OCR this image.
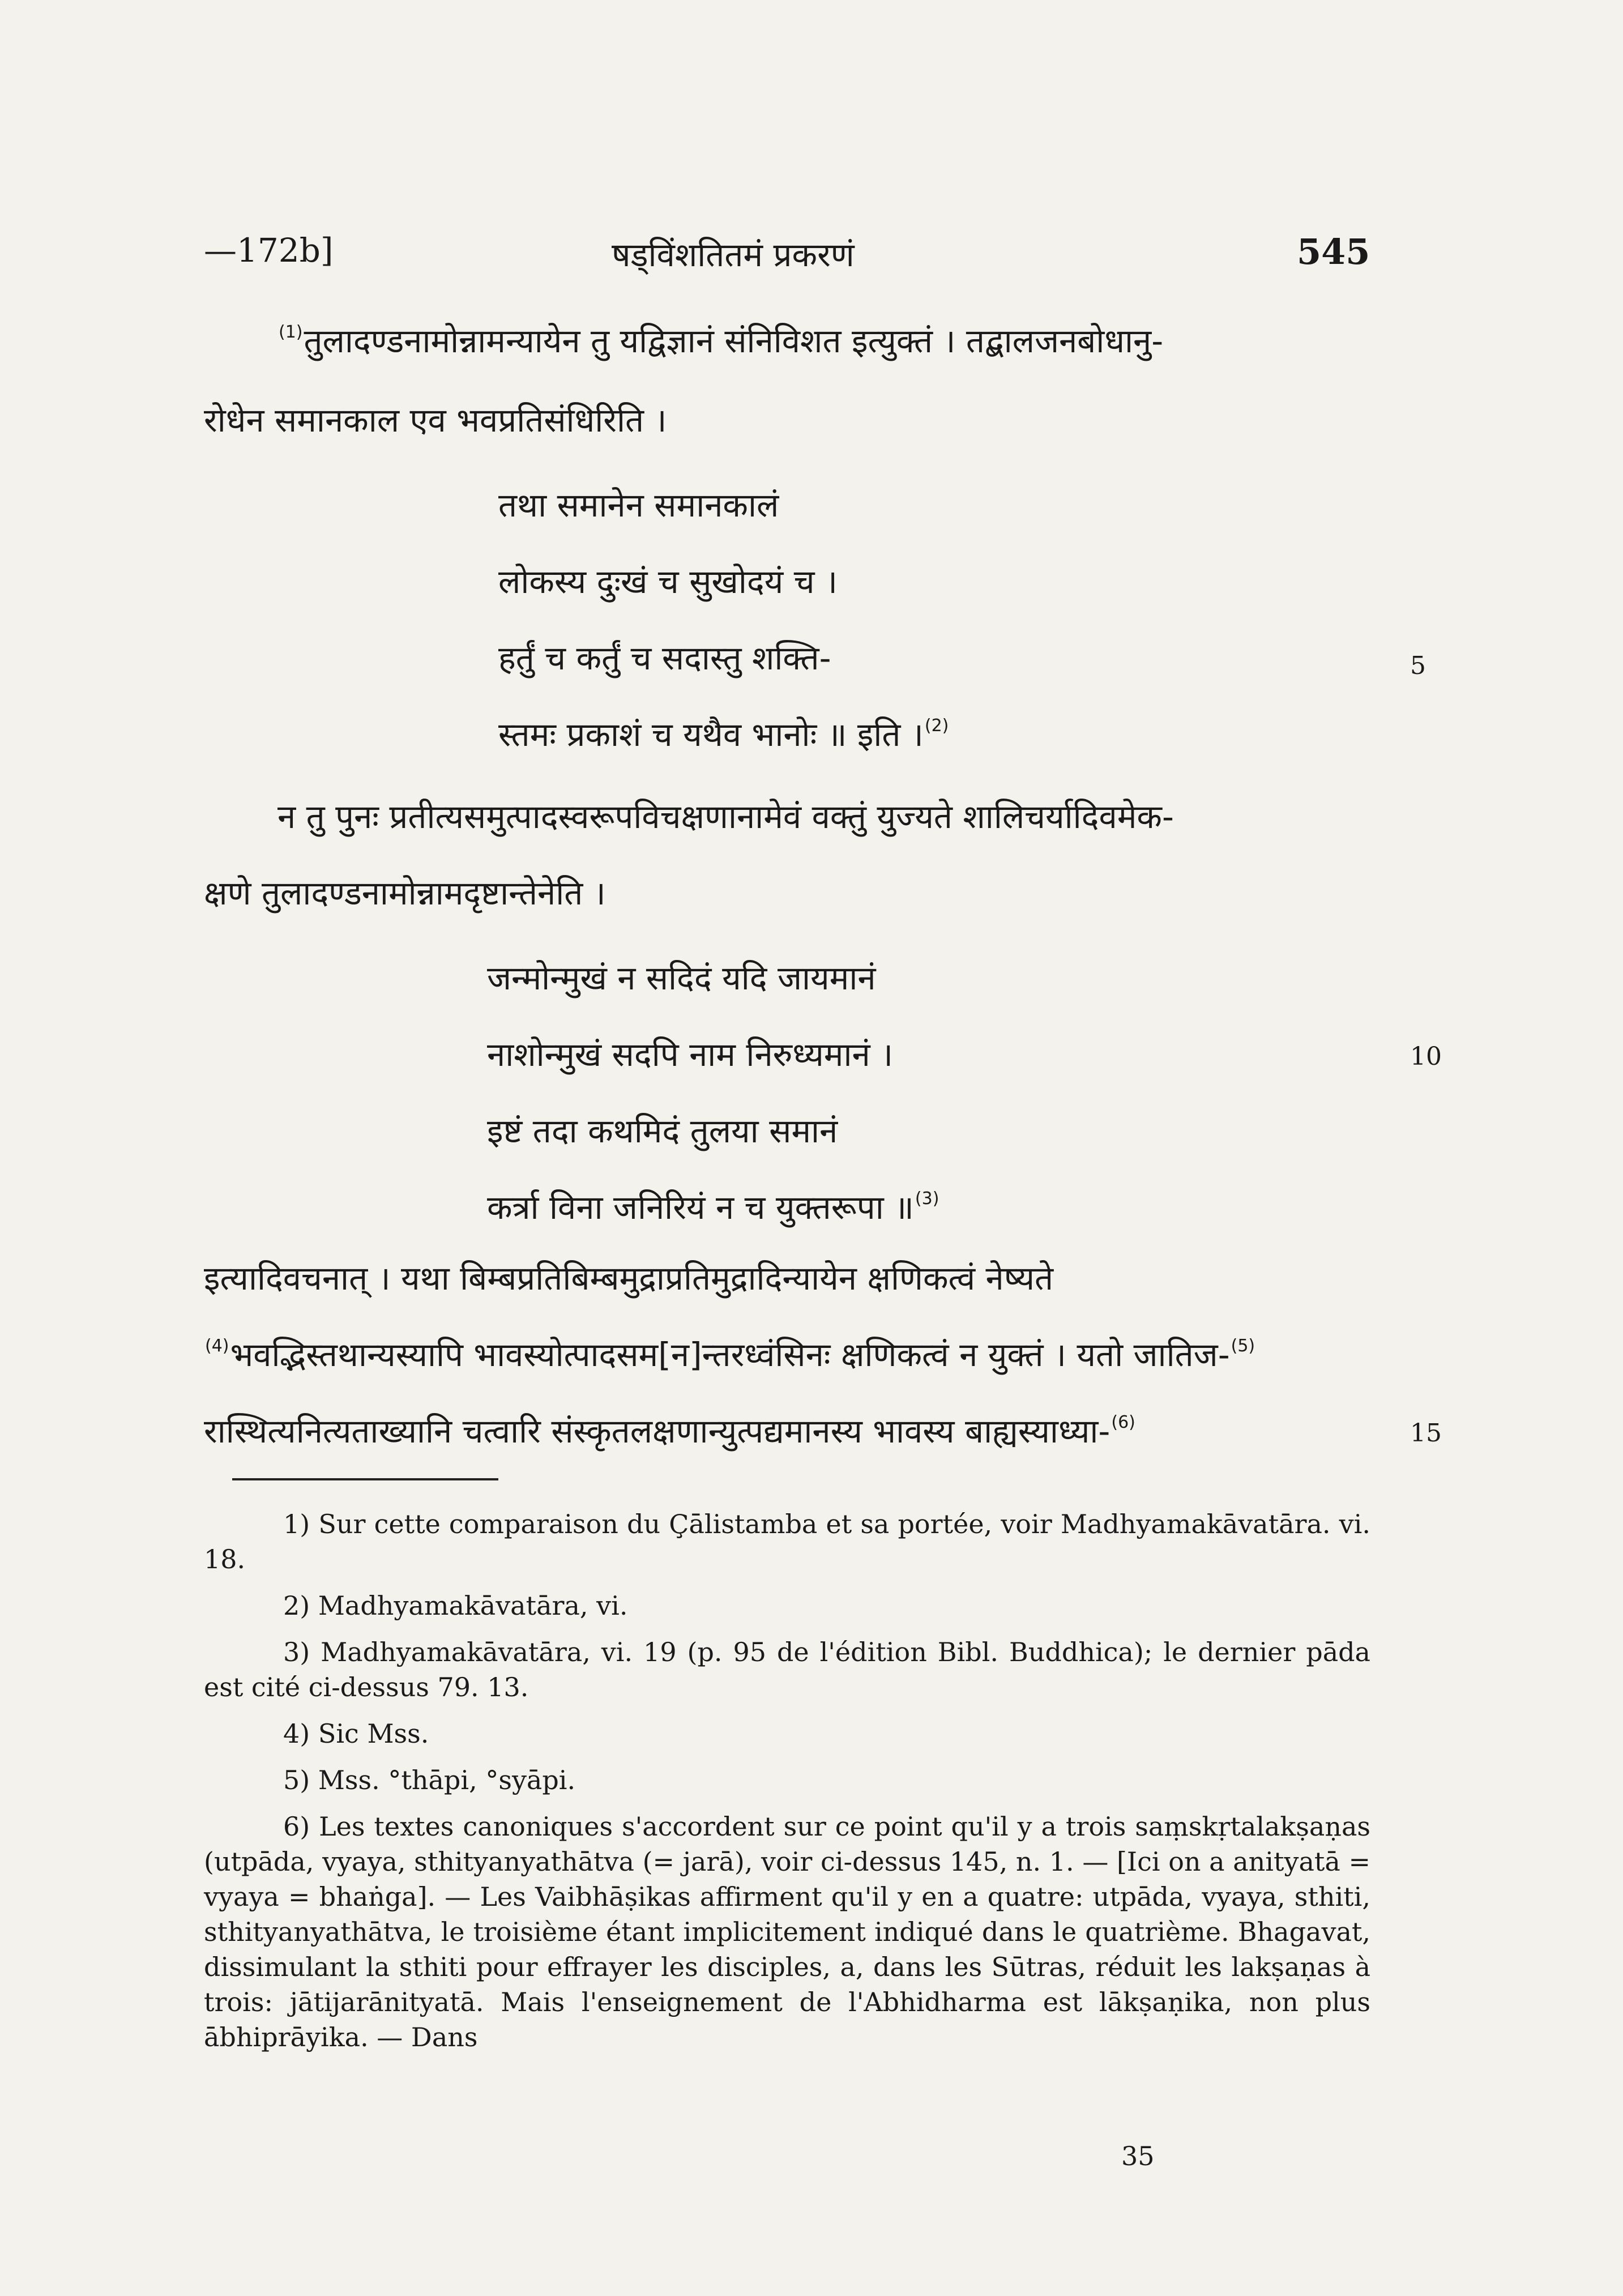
—172b]	षड्विंशतितमं प्रकरणं	545
$^{(1)}$तुलादण्डनामोन्नामन्यायेन तु यद्विज्ञानं संनिविशत इत्युक्तं । तद्बालजनबोधानु-
रोधेन समानकाल एव भवप्रतिसंधिरिति ।
तथा समानेन समानकालं
लोकस्य दुःखं च सुखोदयं च ।
हर्तुं च कर्तुं च सदास्तु शक्ति-
स्तमः प्रकाशं च यथैव भानोः ॥ इति ।$^{(2)}$
5
न तु पुनः प्रतीत्यसमुत्पादस्वरूपविचक्षणानामेवं वक्तुं युज्यते शालिचर्यादिवमेक-
क्षणे तुलादण्डनामोन्नामदृष्टान्तेनेति ।
जन्मोन्मुखं न सदिदं यदि जायमानं
नाशोन्मुखं सदपि नाम निरुध्यमानं ।
इष्टं तदा कथमिदं तुलया समानं
कर्त्रा विना जनिरियं न च युक्तरूपा ॥$^{(3)}$
10
इत्यादिवचनात् । यथा बिम्बप्रतिबिम्बमुद्राप्रतिमुद्रादिन्यायेन क्षणिकत्वं नेष्यते
$^{(4)}$भवद्भिस्तथान्यस्यापि भावस्योत्पादसम[न]न्तरध्वंसिनः क्षणिकत्वं न युक्तं । यतो जातिज-$^{(5)}$
रास्थित्यनित्यताख्यानि चत्वारि संस्कृतलक्षणान्युत्पद्यमानस्य भावस्य बाह्यस्याध्या-$^{(6)}$	15
1) Sur cette comparaison du Çālistamba et sa portée, voir Madhyamakāvatāra. vi. 18.
2) Madhyamakāvatāra, vi.
3) Madhyamakāvatāra, vi. 19 (p. 95 de l'édition Bibl. Buddhica); le dernier pāda est cité ci-dessus 79. 13.
4) Sic Mss.
5) Mss. °thāpi, °syāpi.
6) Les textes canoniques s'accordent sur ce point qu'il y a trois saṃskṛtalakṣaṇas (utpāda, vyaya, sthityanyathātva (= jarā), voir ci-dessus 145, n. 1. — [Ici on a anityatā = vyaya = bhaṅga]. — Les Vaibhāṣikas affirment qu'il y en a quatre: utpāda, vyaya, sthiti, sthityanyathātva, le troisième étant implicitement indiqué dans le quatrième. Bhagavat, dissimulant la sthiti pour effrayer les disciples, a, dans les Sūtras, réduit les lakṣaṇas à trois: jātijarānityatā. Mais l'enseignement de l'Abhidharma est lākṣaṇika, non plus ābhiprāyika. — Dans
35
